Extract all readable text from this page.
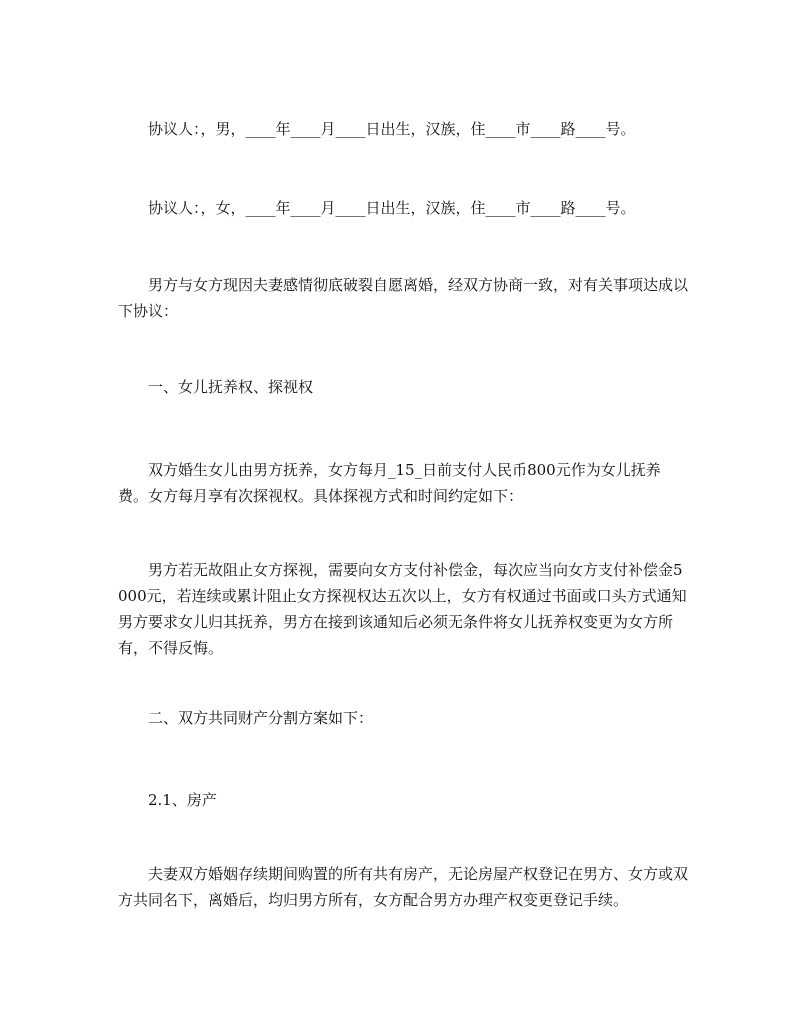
协议人：，男，____年____月____日出生，汉族，住____市____路____号。

协议人：，女，____年____月____日出生，汉族，住____市____路____号。

男方与女方现因夫妻感情彻底破裂自愿离婚，经双方协商一致，对有关事项达成以下协议：

一、女儿抚养权、探视权

双方婚生女儿由男方抚养，女方每月_15_日前支付人民币800元作为女儿抚养费。女方每月享有次探视权。具体探视方式和时间约定如下：

男方若无故阻止女方探视，需要向女方支付补偿金，每次应当向女方支付补偿金5000元，若连续或累计阻止女方探视权达五次以上，女方有权通过书面或口头方式通知男方要求女儿归其抚养，男方在接到该通知后必须无条件将女儿抚养权变更为女方所有，不得反悔。

二、双方共同财产分割方案如下：

2.1、房产

夫妻双方婚姻存续期间购置的所有共有房产，无论房屋产权登记在男方、女方或双方共同名下，离婚后，均归男方所有，女方配合男方办理产权变更登记手续。
